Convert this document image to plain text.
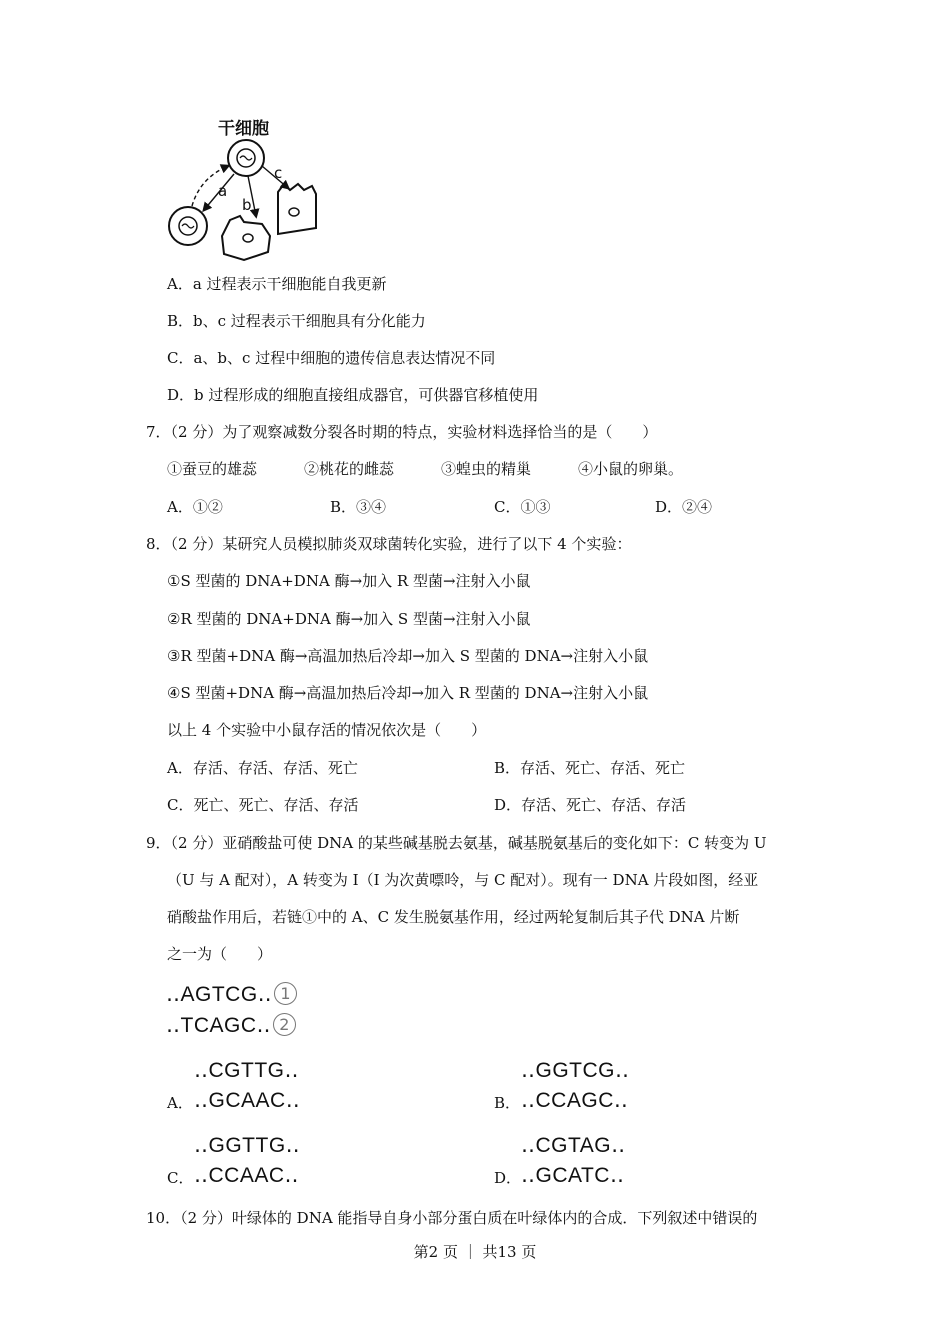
干细胞
a
b
c
A．a 过程表示干细胞能自我更新
B．b、c 过程表示干细胞具有分化能力
C．a、b、c 过程中细胞的遗传信息表达情况不同
D．b 过程形成的细胞直接组成器官，可供器官移植使用
7．（2 分）为了观察减数分裂各时期的特点，实验材料选择恰当的是（　　）
①蚕豆的雄蕊	②桃花的雌蕊	③蝗虫的精巢	④小鼠的卵巢。
A．①②	B．③④	C．①③	D．②④
8．（2 分）某研究人员模拟肺炎双球菌转化实验，进行了以下 4 个实验：
①S 型菌的 DNA+DNA 酶→加入 R 型菌→注射入小鼠
②R 型菌的 DNA+DNA 酶→加入 S 型菌→注射入小鼠
③R 型菌+DNA 酶→高温加热后冷却→加入 S 型菌的 DNA→注射入小鼠
④S 型菌+DNA 酶→高温加热后冷却→加入 R 型菌的 DNA→注射入小鼠
以上 4 个实验中小鼠存活的情况依次是（　　）
A．存活、存活、存活、死亡	B．存活、死亡、存活、死亡
C．死亡、死亡、存活、存活	D．存活、死亡、存活、存活
9．（2 分）亚硝酸盐可使 DNA 的某些碱基脱去氨基，碱基脱氨基后的变化如下：C 转变为 U
（U 与 A 配对），A 转变为 I（I 为次黄嘌呤，与 C 配对）。现有一 DNA 片段如图，经亚
硝酸盐作用后，若链①中的 A、C 发生脱氨基作用，经过两轮复制后其子代 DNA 片断
之一为（　　）
‥AGTCG‥ 1
‥TCAGC‥ 2
‥CGTTG‥
A． ‥GCAAC‥
‥GGTCG‥
B． ‥CCAGC‥
‥GGTTG‥
C． ‥CCAAC‥
‥CGTAG‥
D． ‥GCATC‥
10．（2 分）叶绿体的 DNA 能指导自身小部分蛋白质在叶绿体内的合成．下列叙述中错误的
第2 页 ｜ 共13 页
